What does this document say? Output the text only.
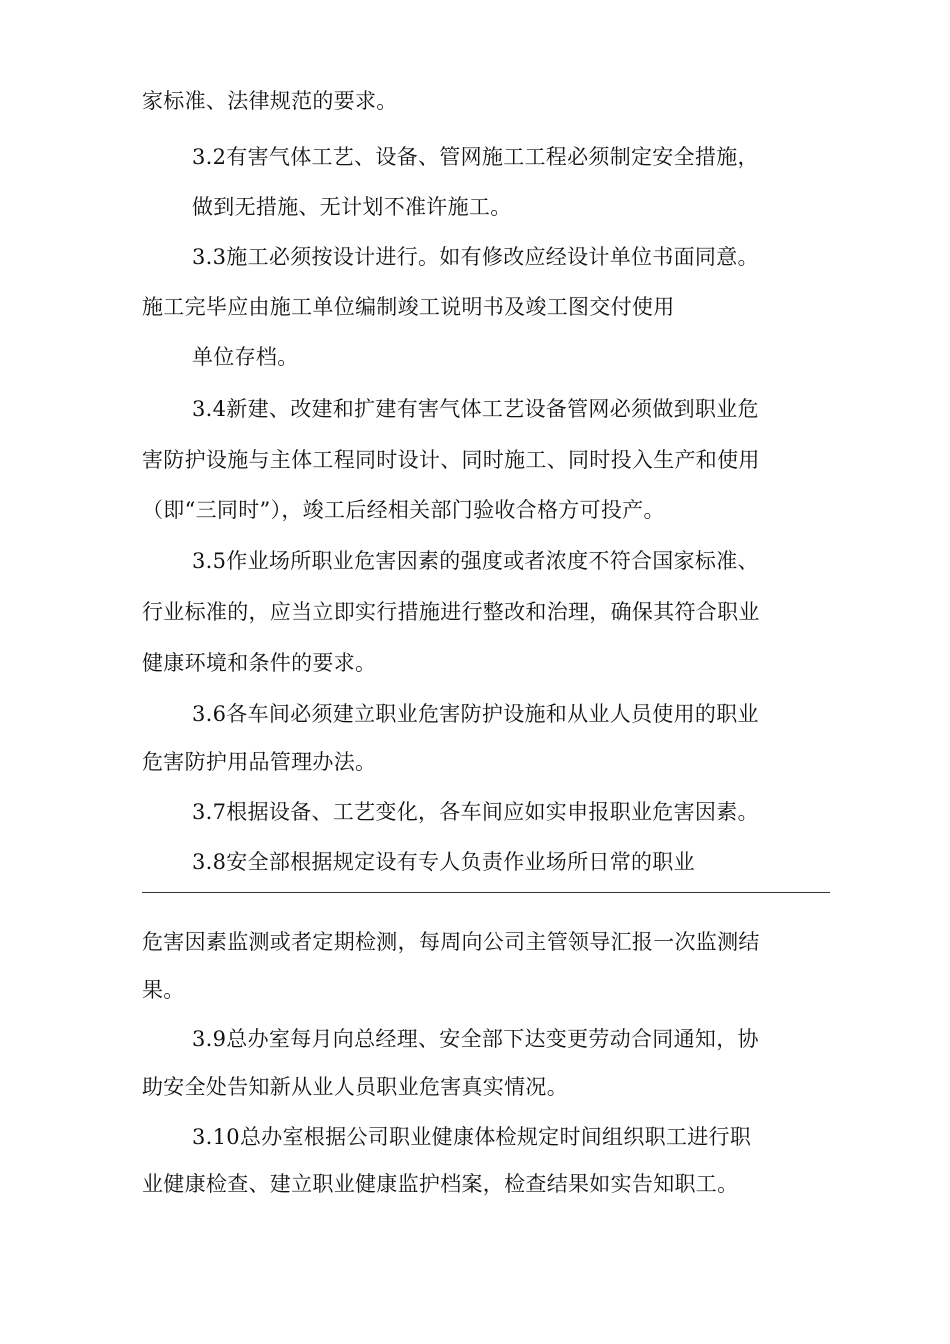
家标准、法律规范的要求。
3.2有害气体工艺、设备、管网施工工程必须制定安全措施，
做到无措施、无计划不准许施工。
3.3施工必须按设计进行。如有修改应经设计单位书面同意。
施工完毕应由施工单位编制竣工说明书及竣工图交付使用
单位存档。
3.4新建、改建和扩建有害气体工艺设备管网必须做到职业危
害防护设施与主体工程同时设计、同时施工、同时投入生产和使用
（即“三同时”），竣工后经相关部门验收合格方可投产。
3.5作业场所职业危害因素的强度或者浓度不符合国家标准、
行业标准的，应当立即实行措施进行整改和治理，确保其符合职业
健康环境和条件的要求。
3.6各车间必须建立职业危害防护设施和从业人员使用的职业
危害防护用品管理办法。
3.7根据设备、工艺变化，各车间应如实申报职业危害因素。
3.8安全部根据规定设有专人负责作业场所日常的职业
危害因素监测或者定期检测，每周向公司主管领导汇报一次监测结
果。
3.9总办室每月向总经理、安全部下达变更劳动合同通知，协
助安全处告知新从业人员职业危害真实情况。
3.10总办室根据公司职业健康体检规定时间组织职工进行职
业健康检查、建立职业健康监护档案，检查结果如实告知职工。
